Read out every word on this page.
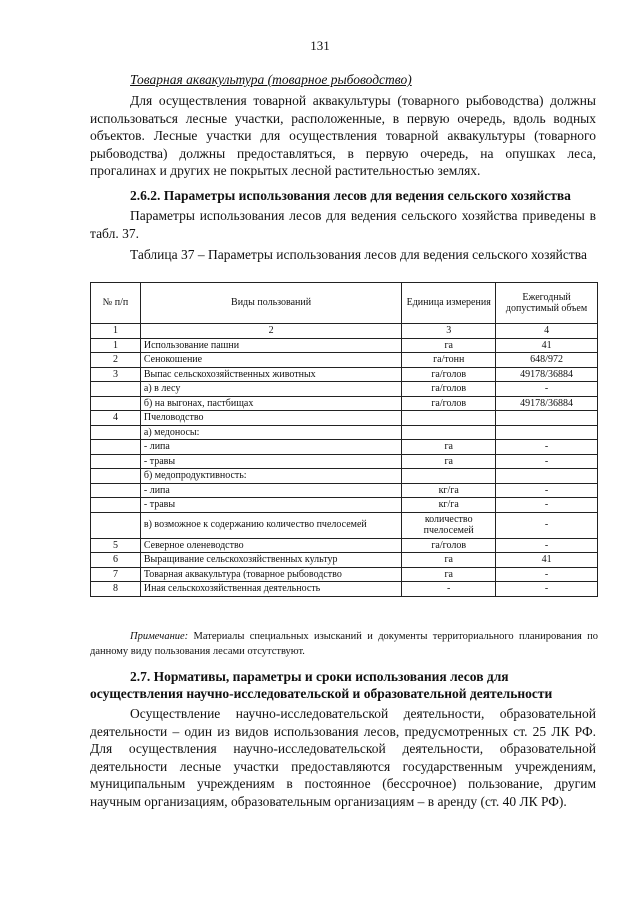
131
Товарная аквакультура (товарное рыбоводство)
Для осуществления товарной аквакультуры (товарного рыбоводства) должны использоваться лесные участки, расположенные, в первую очередь, вдоль водных объектов. Лесные участки для осуществления товарной аквакультуры (товарного рыбоводства) должны предоставляться, в первую очередь, на опушках леса, прогалинах и других не покрытых лесной растительностью землях.
2.6.2. Параметры использования лесов для ведения сельского хозяйства
Параметры использования лесов для ведения сельского хозяйства приведены в табл. 37.
Таблица 37 – Параметры использования лесов для ведения сельского хозяйства
№ п/п	Виды пользований	Единица измерения	Ежегодный допустимый объем
1	2	3	4
1	Использование пашни	га	41
2	Сенокошение	га/тонн	648/972
3	Выпас сельскохозяйственных животных	га/голов	49178/36884
	а) в лесу	га/голов	-
	б) на выгонах, пастбищах	га/голов	49178/36884
4	Пчеловодство		
	а) медоносы:		
	- липа	га	-
	- травы	га	-
	б) медопродуктивность:		
	- липа	кг/га	-
	- травы	кг/га	-
	в) возможное к содержанию количество пчелосемей	количество пчелосемей	-
5	Северное оленеводство	га/голов	-
6	Выращивание сельскохозяйственных культур	га	41
7	Товарная аквакультура (товарное рыбоводство	га	-
8	Иная сельскохозяйственная деятельность	-	-
Примечание: Материалы специальных изысканий и документы территориального планирования по данному виду пользования лесами отсутствуют.
2.7. Нормативы, параметры и сроки использования лесов для осуществления научно-исследовательской и образовательной деятельности
Осуществление научно-исследовательской деятельности, образовательной деятельности – один из видов использования лесов, предусмотренных ст. 25 ЛК РФ. Для осуществления научно-исследовательской деятельности, образовательной деятельности лесные участки предоставляются государственным учреждениям, муниципальным учреждениям в постоянное (бессрочное) пользование, другим научным организациям, образовательным организациям – в аренду (ст. 40 ЛК РФ).
